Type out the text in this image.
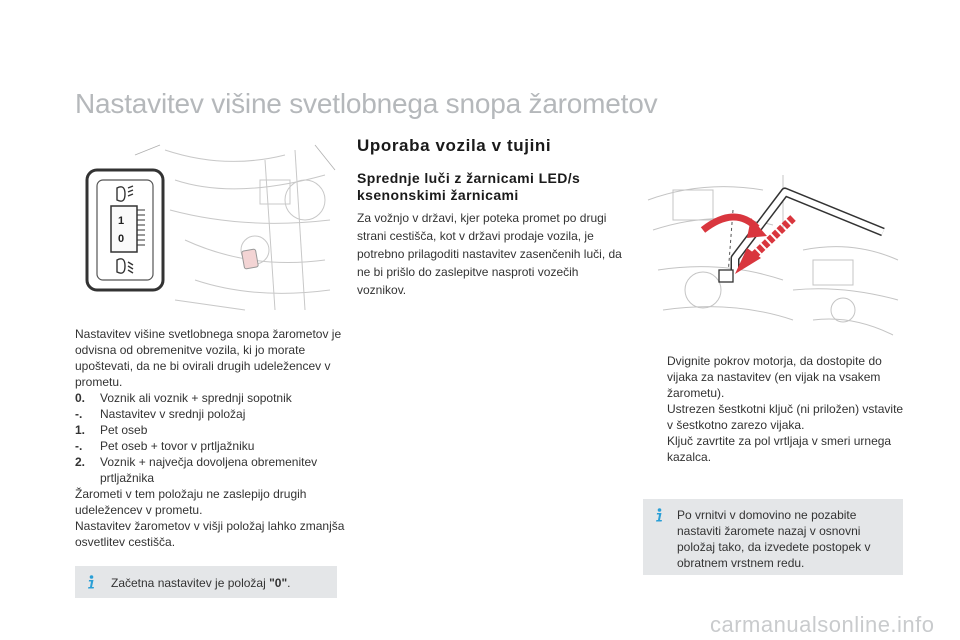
Nastavitev višine svetlobnega snopa žarometov
1
0
Uporaba vozila v tujini
Sprednje luči z žarnicami LED/s ksenonskimi žarnicami
Za vožnjo v državi, kjer poteka promet po drugi strani cestišča, kot v državi prodaje vozila, je potrebno prilagoditi nastavitev zasenčenih luči, da ne bi prišlo do zaslepitve nasproti vozečih voznikov.

Nastavitev višine svetlobnega snopa žarometov je odvisna od obremenitve vozila, ki jo morate upoštevati, da ne bi ovirali drugih udeležencev v prometu.

0.	Voznik ali voznik + sprednji sopotnik
-.	Nastavitev v srednji položaj
1.	Pet oseb
-.	Pet oseb + tovor v prtljažniku
2.	Voznik + največja dovoljena obremenitev prtljažnika

Žarometi v tem položaju ne zaslepijo drugih udeležencev v prometu.

Nastavitev žarometov v višji položaj lahko zmanjša osvetlitev cestišča.

Začetna nastavitev je položaj "0".
Dvignite pokrov motorja, da dostopite do vijaka za nastavitev (en vijak na vsakem žarometu).
Ustrezen šestkotni ključ (ni priložen) vstavite v šestkotno zarezo vijaka.
Ključ zavrtite za pol vrtljaja v smeri urnega kazalca.
Po vrnitvi v domovino ne pozabite nastaviti žaromete nazaj v osnovni položaj tako, da izvedete postopek v obratnem vrstnem redu.
carmanualsonline.info
